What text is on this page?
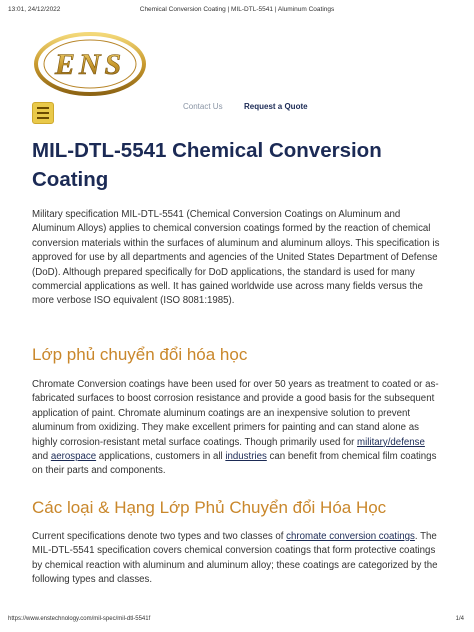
13:01, 24/12/2022	Chemical Conversion Coating | MIL-DTL-5541 | Aluminum Coatings
ENS
Contact Us	Request a Quote
MIL-DTL-5541 Chemical Conversion Coating

Military specification MIL-DTL-5541 (Chemical Conversion Coatings on Aluminum and Aluminum Alloys) applies to chemical conversion coatings formed by the reaction of chemical conversion materials within the surfaces of aluminum and aluminum alloys. This specification is approved for use by all departments and agencies of the United States Department of Defense (DoD). Although prepared specifically for DoD applications, the standard is used for many commercial applications as well. It has gained worldwide use across many fields versus the more verbose ISO equivalent (ISO 8081:1985).

Lớp phủ chuyển đổi hóa học

Chromate Conversion coatings have been used for over 50 years as treatment to coated or as-fabricated surfaces to boost corrosion resistance and provide a good basis for the subsequent application of paint. Chromate aluminum coatings are an inexpensive solution to prevent aluminum from oxidizing. They make excellent primers for painting and can stand alone as highly corrosion-resistant metal surface coatings. Though primarily used for military/defense and aerospace applications, customers in all industries can benefit from chemical film coatings on their parts and components.

Các loại & Hạng Lớp Phủ Chuyển đổi Hóa Học

Current specifications denote two types and two classes of chromate conversion coatings. The MIL-DTL-5541 specification covers chemical conversion coatings that form protective coatings by chemical reaction with aluminum and aluminum alloy; these coatings are categorized by the following types and classes.

https://www.enstechnology.com/mil-spec/mil-dtl-5541f	1/4
